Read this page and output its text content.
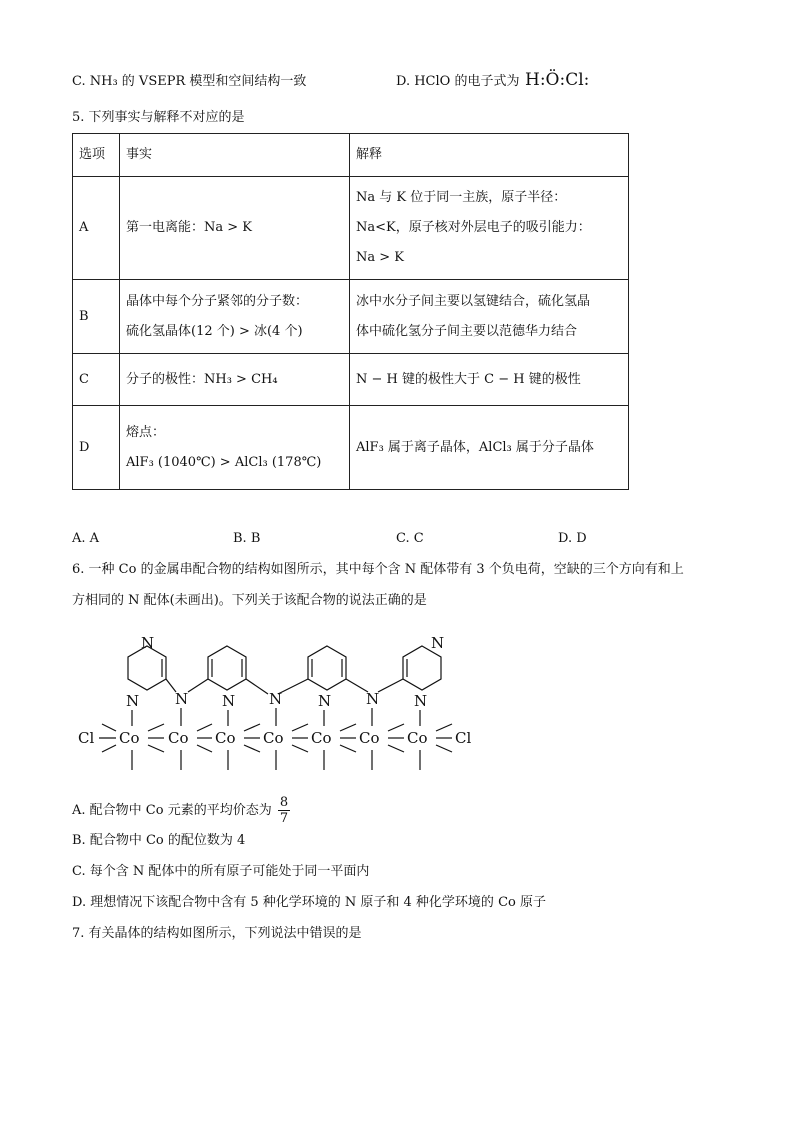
C. NH₃ 的 VSEPR 模型和空间结构一致	D. HClO 的电子式为 H:Ö:Cl:
5. 下列事实与解释不对应的是
选项	事实	解释
A	第一电离能：Na > K	Na 与 K 位于同一主族，原子半径：
Na<K，原子核对外层电子的吸引能力：
Na > K

B	晶体中每个分子紧邻的分子数：
硫化氢晶体(12 个) > 冰(4 个)	冰中水分子间主要以氢键结合，硫化氢晶
体中硫化氢分子间主要以范德华力结合

C	分子的极性：NH₃ > CH₄	N − H 键的极性大于 C − H 键的极性

D	熔点：
AlF₃ (1040℃) > AlCl₃ (178℃)	AlF₃ 属于离子晶体，AlCl₃ 属于分子晶体
A. A	B. B	C. C	D. D
6. 一种 Co 的金属串配合物的结构如图所示，其中每个含 N 配体带有 3 个负电荷，空缺的三个方向有和上
方相同的 N 配体(未画出)。下列关于该配合物的说法正确的是
N
N N N N N N N
N
Cl Co Co Co Co Co Co Co Cl
A. 配合物中 Co 元素的平均价态为 $\frac{8}{7}$
B. 配合物中 Co 的配位数为 4
C. 每个含 N 配体中的所有原子可能处于同一平面内
D. 理想情况下该配合物中含有 5 种化学环境的 N 原子和 4 种化学环境的 Co 原子
7. 有关晶体的结构如图所示，下列说法中错误的是
